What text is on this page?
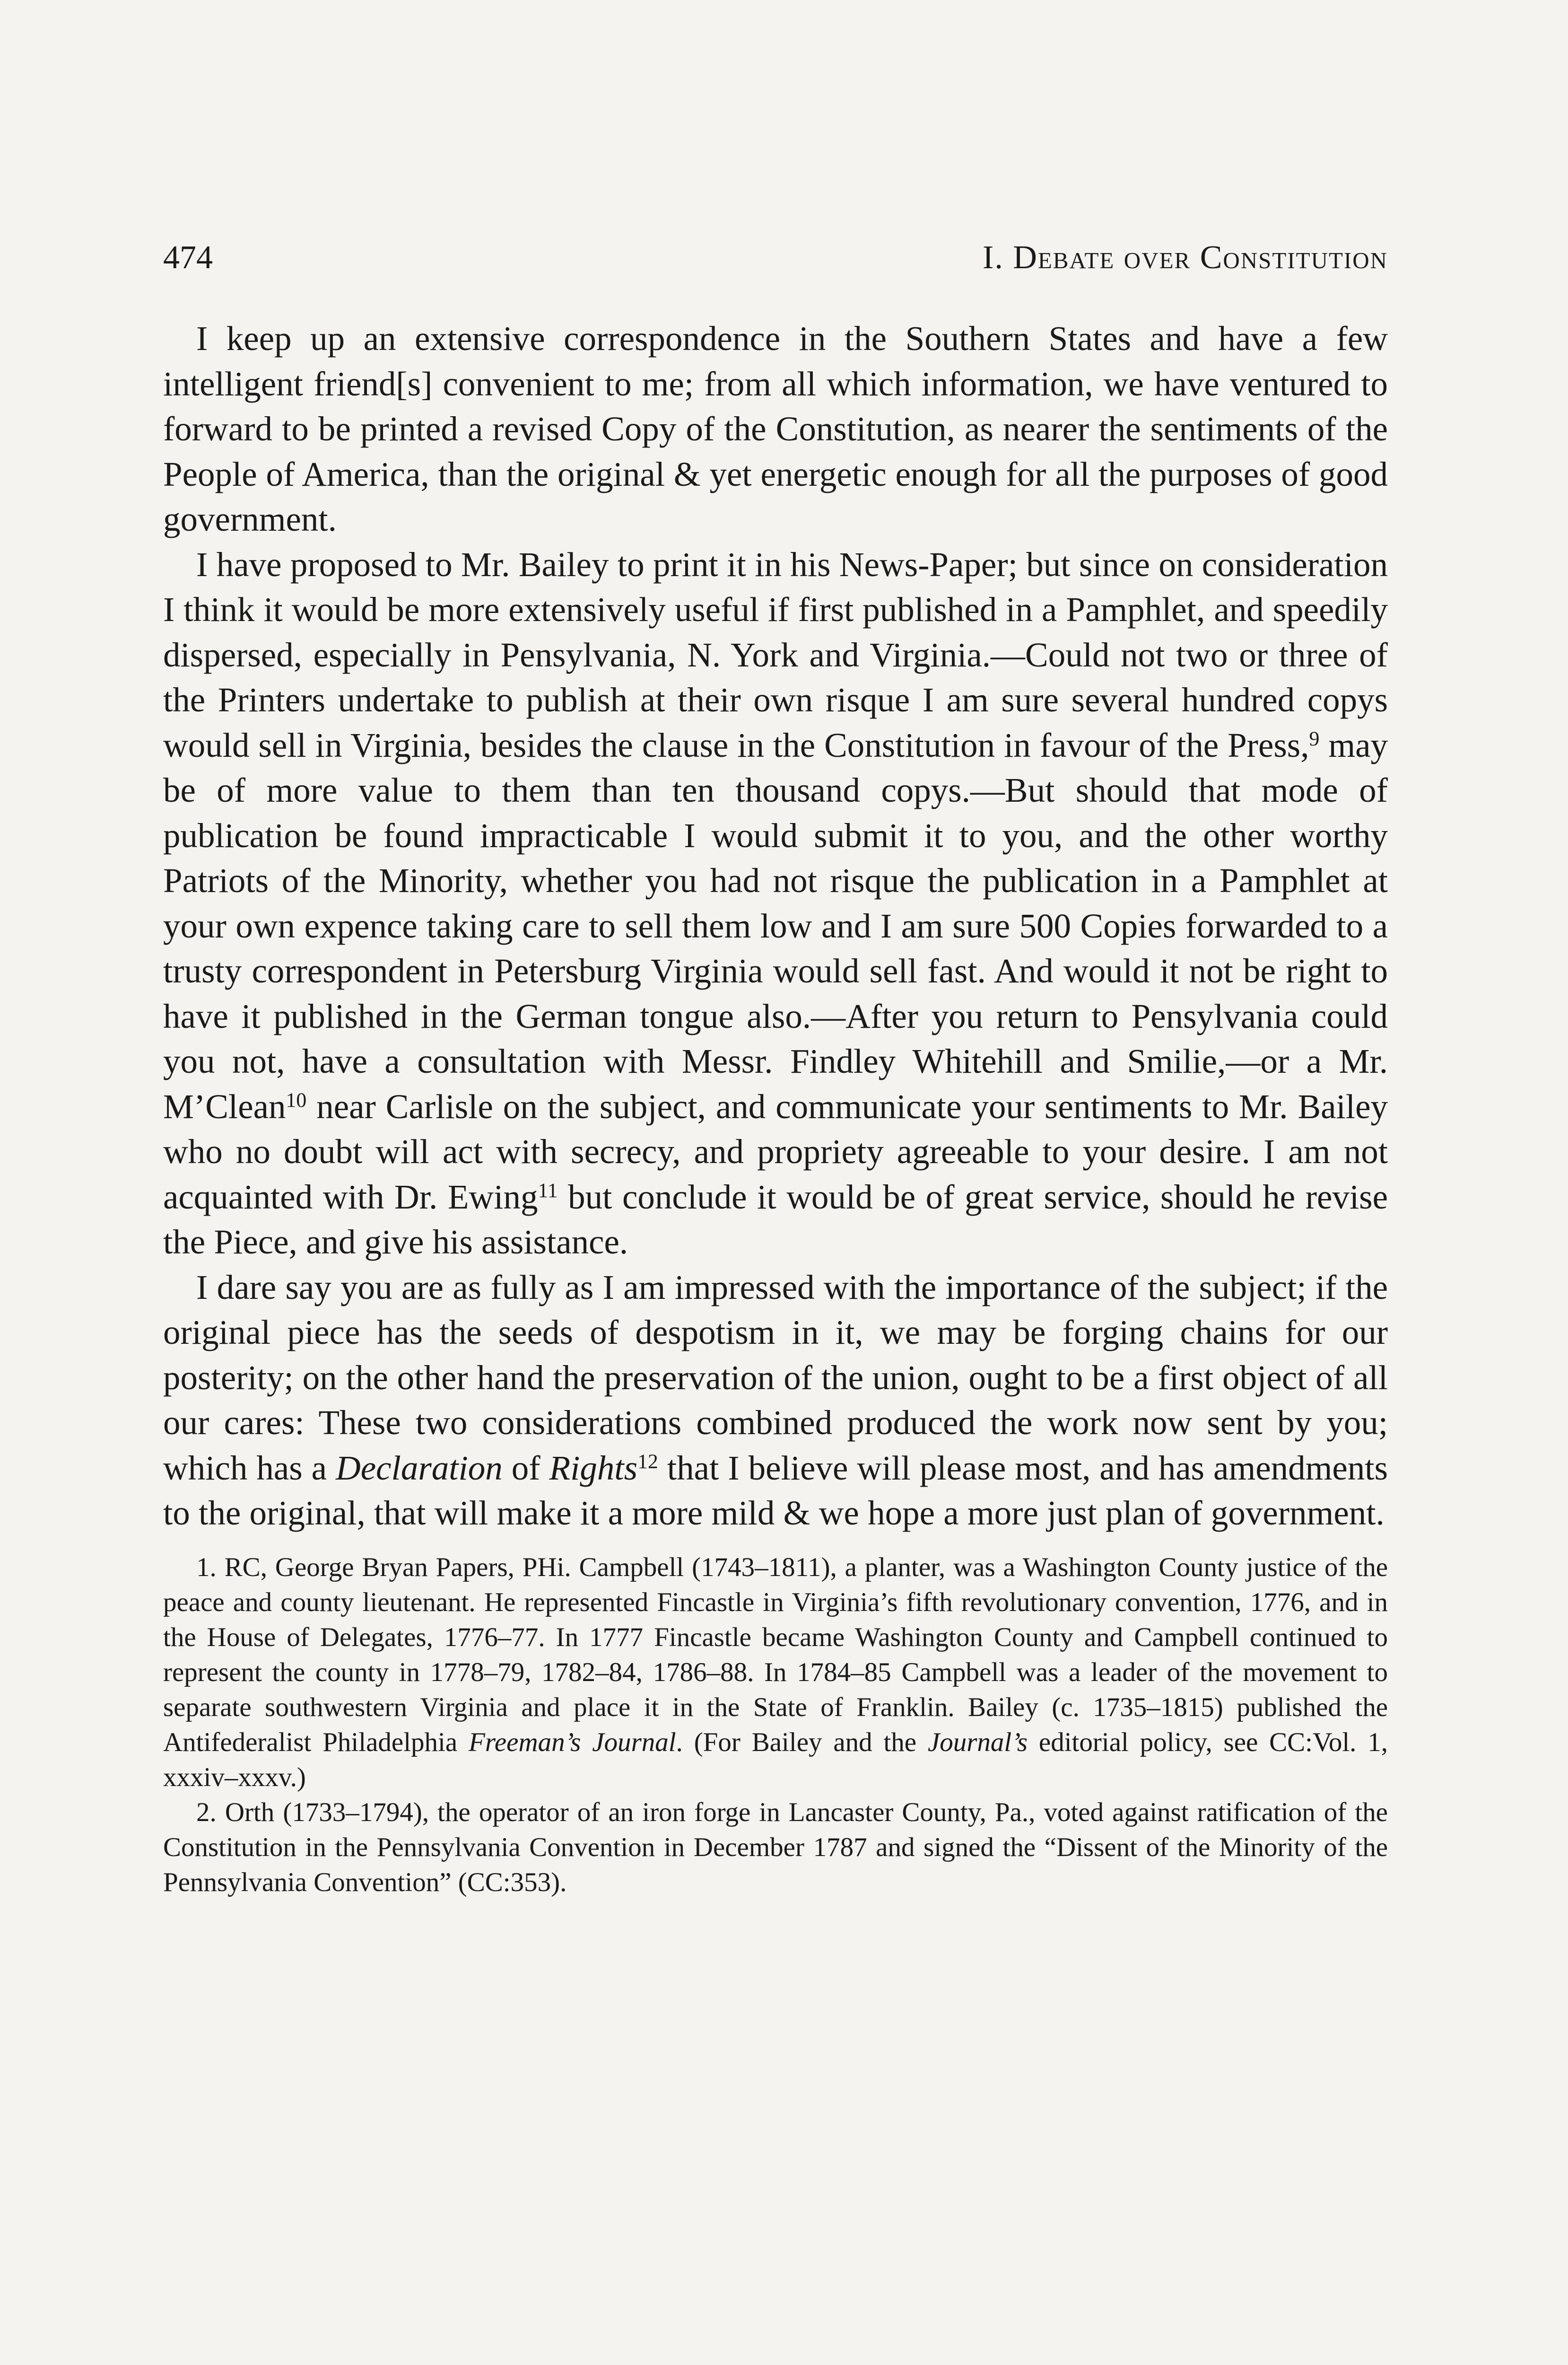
474	I. Debate over Constitution

I keep up an extensive correspondence in the Southern States and have a few intelligent friend[s] convenient to me; from all which information, we have ventured to forward to be printed a revised Copy of the Constitution, as nearer the sentiments of the People of America, than the original & yet energetic enough for all the purposes of good government.

I have proposed to Mr. Bailey to print it in his News-Paper; but since on consideration I think it would be more extensively useful if first published in a Pamphlet, and speedily dispersed, especially in Pensylvania, N. York and Virginia.—Could not two or three of the Printers undertake to publish at their own risque I am sure several hundred copys would sell in Virginia, besides the clause in the Constitution in favour of the Press,$^9$ may be of more value to them than ten thousand copys.—But should that mode of publication be found impracticable I would submit it to you, and the other worthy Patriots of the Minority, whether you had not risque the publication in a Pamphlet at your own expence taking care to sell them low and I am sure 500 Copies forwarded to a trusty correspondent in Petersburg Virginia would sell fast. And would it not be right to have it published in the German tongue also.—After you return to Pensylvania could you not, have a consultation with Messr. Findley Whitehill and Smilie,—or a Mr. M’Clean$^{10}$ near Carlisle on the subject, and communicate your sentiments to Mr. Bailey who no doubt will act with secrecy, and propriety agreeable to your desire. I am not acquainted with Dr. Ewing$^{11}$ but conclude it would be of great service, should he revise the Piece, and give his assistance.

I dare say you are as fully as I am impressed with the importance of the subject; if the original piece has the seeds of despotism in it, we may be forging chains for our posterity; on the other hand the preservation of the union, ought to be a first object of all our cares: These two considerations combined produced the work now sent by you; which has a Declaration of Rights$^{12}$ that I believe will please most, and has amendments to the original, that will make it a more mild & we hope a more just plan of government.

1. RC, George Bryan Papers, PHi. Campbell (1743–1811), a planter, was a Washington County justice of the peace and county lieutenant. He represented Fincastle in Virginia’s fifth revolutionary convention, 1776, and in the House of Delegates, 1776–77. In 1777 Fincastle became Washington County and Campbell continued to represent the county in 1778–79, 1782–84, 1786–88. In 1784–85 Campbell was a leader of the movement to separate southwestern Virginia and place it in the State of Franklin. Bailey (c. 1735–1815) published the Antifederalist Philadelphia Freeman’s Journal. (For Bailey and the Journal’s editorial policy, see CC:Vol. 1, xxxiv–xxxv.)

2. Orth (1733–1794), the operator of an iron forge in Lancaster County, Pa., voted against ratification of the Constitution in the Pennsylvania Convention in December 1787 and signed the “Dissent of the Minority of the Pennsylvania Convention” (CC:353).
